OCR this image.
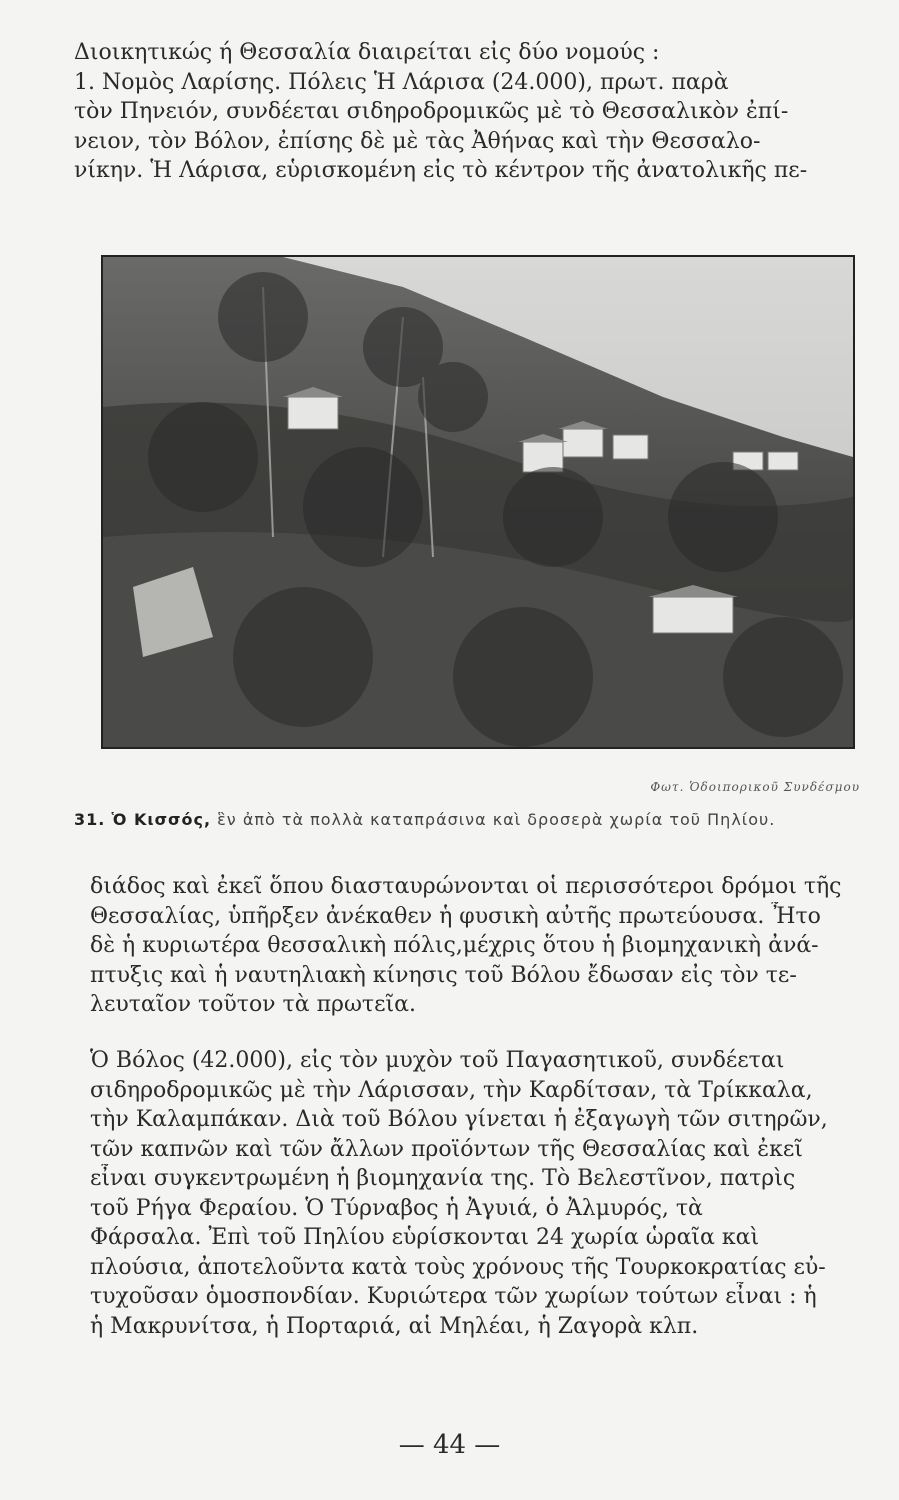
Διοικητικώς ή Θεσσαλία διαιρείται εἰς δύο νομούς :
1. Νομὸς Λαρίσης. Πόλεις Ἡ Λάρισα (24.000), πρωτ. παρὰ
τὸν Πηνειόν, συνδέεται σιδηροδρομικῶς μὲ τὸ Θεσσαλικὸν ἐπί-
νειον, τὸν Βόλον, ἐπίσης δὲ μὲ τὰς Ἀθήνας καὶ τὴν Θεσσαλο-
νίκην. Ἡ Λάρισα, εὑρισκομένη εἰς τὸ κέντρον τῆς ἀνατολικῆς πε-
Φωτ. Ὁδοιπορικοῦ Συνδέσμου
31. Ὁ Κισσός, ἓν ἀπὸ τὰ πολλὰ καταπράσινα καὶ δροσερὰ χωρία τοῦ Πηλίου.
διάδος καὶ ἐκεῖ ὅπου διασταυρώνονται οἱ περισσότεροι δρόμοι τῆς
Θεσσαλίας, ὑπῆρξεν ἀνέκαθεν ἡ φυσικὴ αὐτῆς πρωτεύουσα. Ἦτο
δὲ ἡ κυριωτέρα θεσσαλικὴ πόλις,μέχρις ὅτου ἡ βιομηχανικὴ ἀνά-
πτυξις καὶ ἡ ναυτηλιακὴ κίνησις τοῦ Βόλου ἔδωσαν εἰς τὸν τε-
λευταῖον τοῦτον τὰ πρωτεῖα.
Ὁ Βόλος (42.000), εἰς τὸν μυχὸν τοῦ Παγασητικοῦ, συνδέεται
σιδηροδρομικῶς μὲ τὴν Λάρισσαν, τὴν Καρδίτσαν, τὰ Τρίκκαλα,
τὴν Καλαμπάκαν. Διὰ τοῦ Βόλου γίνεται ἡ ἐξαγωγὴ τῶν σιτηρῶν,
τῶν καπνῶν καὶ τῶν ἄλλων προϊόντων τῆς Θεσσαλίας καὶ ἐκεῖ
εἶναι συγκεντρωμένη ἡ βιομηχανία της. Τὸ Βελεστῖνον, πατρὶς
τοῦ Ρήγα Φεραίου. Ὁ Τύρναβος ἡ Ἀγυιά, ὁ Ἀλμυρός, τὰ
Φάρσαλα. Ἐπὶ τοῦ Πηλίου εὑρίσκονται 24 χωρία ὡραῖα καὶ
πλούσια, ἀποτελοῦντα κατὰ τοὺς χρόνους τῆς Τουρκοκρατίας εὐ-
τυχοῦσαν ὁμοσπονδίαν. Κυριώτερα τῶν χωρίων τούτων εἶναι : ἡ
ἡ Μακρυνίτσα, ἡ Πορταριά, αἱ Μηλέαι, ἡ Ζαγορὰ κλπ.
— 44 —
